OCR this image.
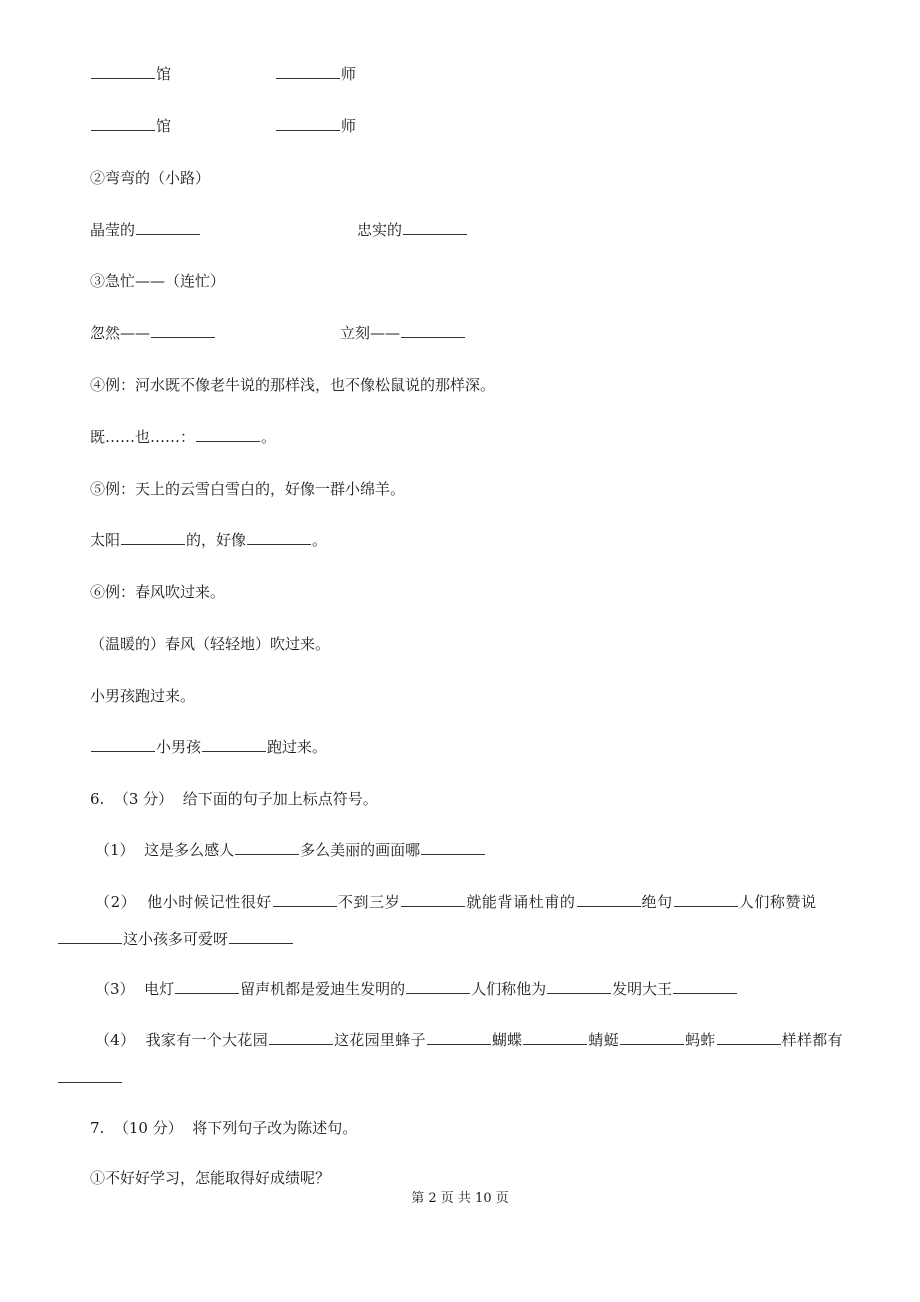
馆	师
馆	师
②弯弯的（小路）
晶莹的	忠实的
③急忙——（连忙）
忽然——	立刻——
④例：河水既不像老牛说的那样浅，也不像松鼠说的那样深。
既……也……：	。
⑤例：天上的云雪白雪白的，好像一群小绵羊。
太阳	的，好像	。
⑥例：春风吹过来。
（温暖的）春风（轻轻地）吹过来。
小男孩跑过来。
小男孩	跑过来。
6. （3 分） 给下面的句子加上标点符号。
（1） 这是多么感人	多么美丽的画面哪
（2） 他小时候记性很好	不到三岁	就能背诵杜甫的	绝句	人们称赞说
这小孩多可爱呀
（3） 电灯	留声机都是爱迪生发明的	人们称他为	发明大王
（4） 我家有一个大花园	这花园里蜂子	蝴蝶	蜻蜓	蚂蚱	样样都有
7. （10 分） 将下列句子改为陈述句。
①不好好学习，怎能取得好成绩呢？
第 2 页 共 10 页
